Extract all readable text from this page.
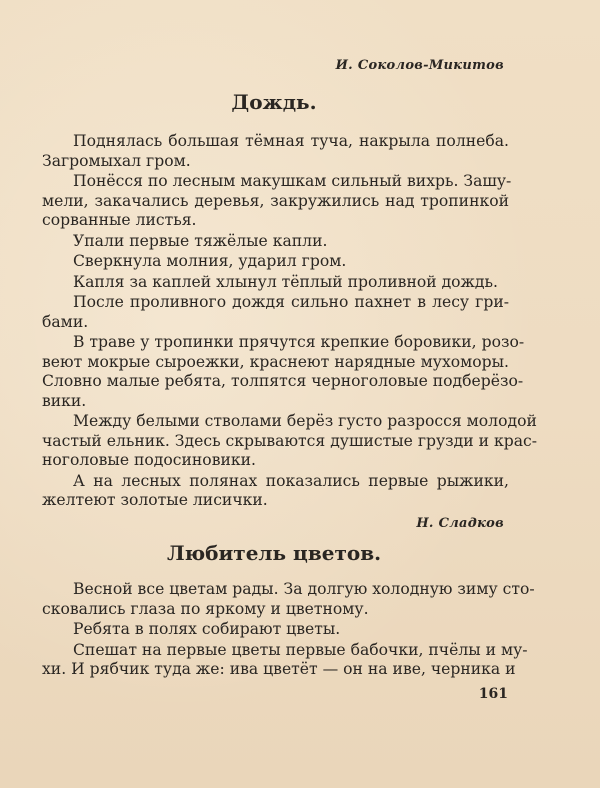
И. Соколов-Микитов
Дождь.

Поднялась большая тёмная туча, накрыла полнеба.
Загромыхал гром.

Понёсся по лесным макушкам сильный вихрь. Зашу-
мели, закачались деревья, закружились над тропинкой
сорванные листья.

Упали первые тяжёлые капли.

Сверкнула молния, ударил гром.

Капля за каплей хлынул тёплый проливной дождь.

После проливного дождя сильно пахнет в лесу гри-
бами.

В траве у тропинки прячутся крепкие боровики, розо-
веют мокрые сыроежки, краснеют нарядные мухоморы.
Словно малые ребята, толпятся черноголовые подберёзо-
вики.

Между белыми стволами берёз густо разросся молодой
частый ельник. Здесь скрываются душистые грузди и крас-
ноголовые подосиновики.

А на лесных полянах показались первые рыжики,
желтеют золотые лисички.

Н. Сладков
Любитель цветов.

Весной все цветам рады. За долгую холодную зиму сто-
сковались глаза по яркому и цветному.

Ребята в полях собирают цветы.

Спешат на первые цветы первые бабочки, пчёлы и му-
хи. И рябчик туда же: ива цветёт — он на иве, черника и

161
